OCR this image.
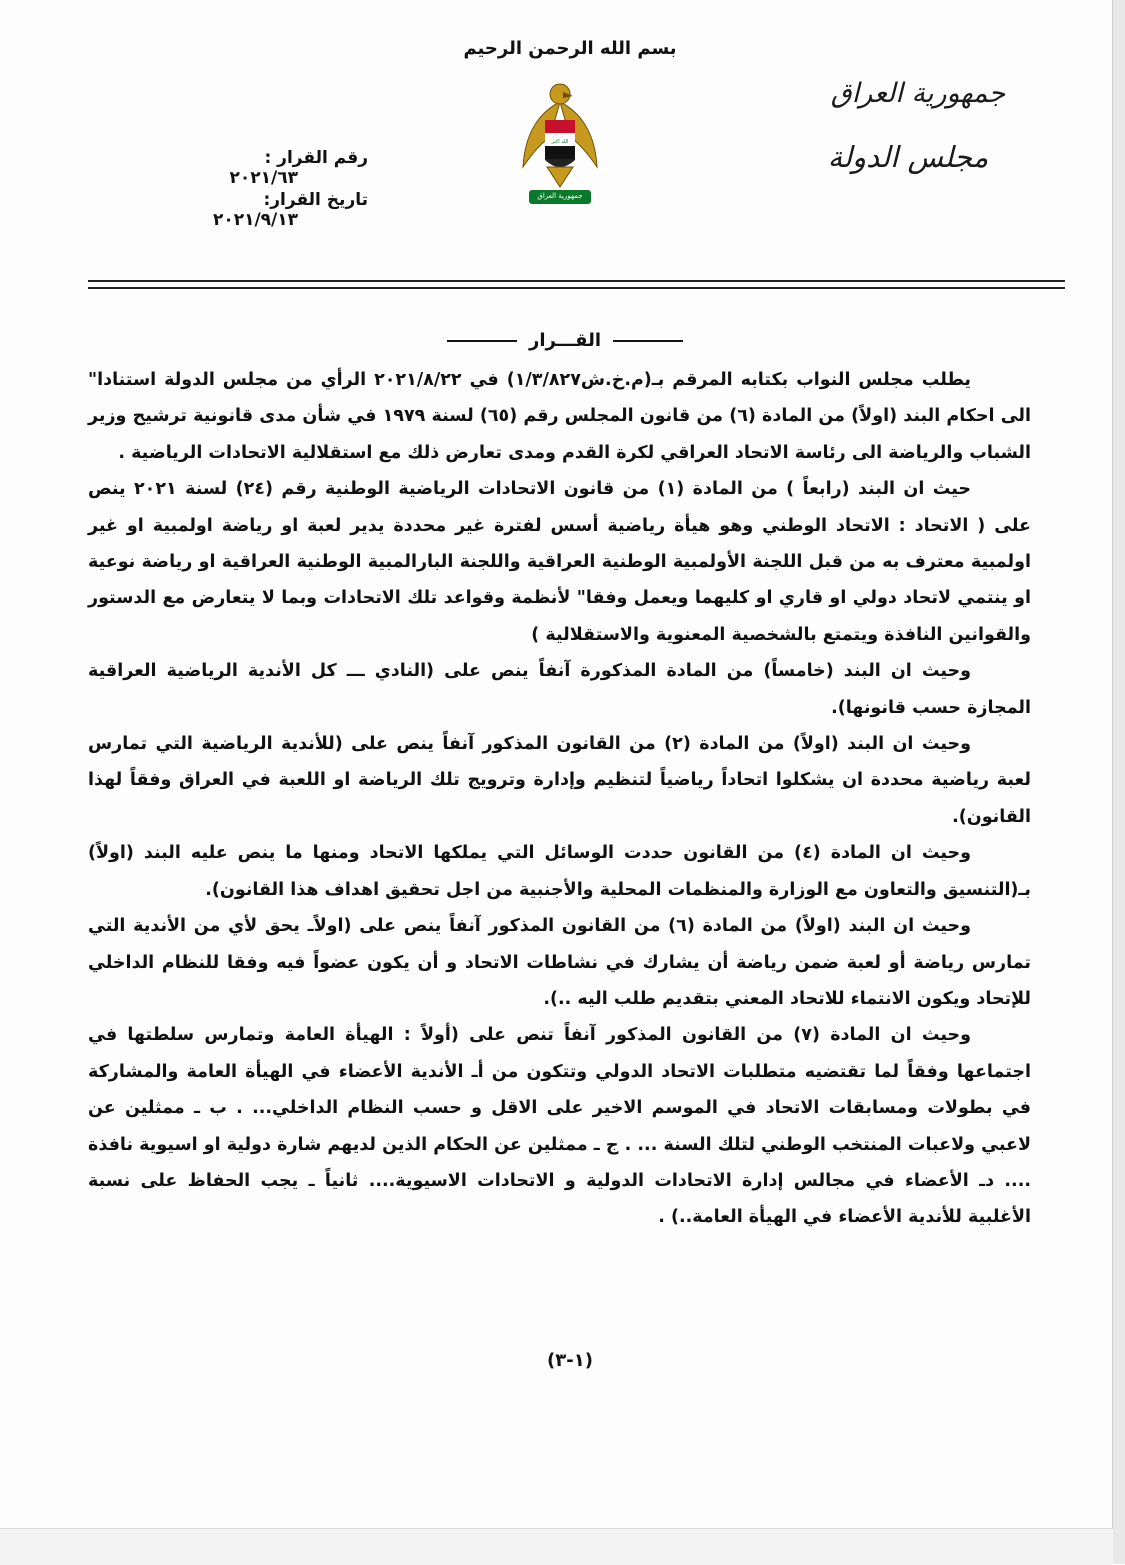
بسم الله الرحمن الرحيم
الله اكبر
جمهورية العراق
جمهورية العراق
مجلس الدولة
رقم القرار : ٢٠٢١/٦٣
تاريخ القرار: ٢٠٢١/٩/١٣
القـــرار

يطلب مجلس النواب بكتابه المرقم بـ(م.خ.ش١/٣/٨٢٧) في ٢٠٢١/٨/٢٢ الرأي من مجلس الدولة استنادا" الى احكام البند (اولاً) من المادة (٦) من قانون المجلس رقم (٦٥) لسنة ١٩٧٩ في شأن مدى قانونية ترشيح وزير الشباب والرياضة الى رئاسة الاتحاد العراقي لكرة القدم ومدى تعارض ذلك مع استقلالية الاتحادات الرياضية .

حيث ان البند (رابعاً ) من المادة (١) من قانون الاتحادات الرياضية الوطنية رقم (٢٤) لسنة ٢٠٢١ ينص على ( الاتحاد : الاتحاد الوطني وهو هيأة رياضية أسس لفترة غير محددة يدير لعبة او رياضة اولمبية او غير اولمبية معترف به من قبل اللجنة الأولمبية الوطنية العراقية واللجنة البارالمبية الوطنية العراقية او رياضة نوعية او ينتمي لاتحاد دولي او قاري او كليهما ويعمل وفقا" لأنظمة وقواعد تلك الاتحادات وبما لا يتعارض مع الدستور والقوانين النافذة ويتمتع بالشخصية المعنوية والاستقلالية )

وحيث ان البند (خامساً) من المادة المذكورة آنفاً ينص على (النادي ـــ كل الأندية الرياضية العراقية المجازة حسب قانونها).

وحيث ان البند (اولاً) من المادة (٢) من القانون المذكور آنفاً ينص على (للأندية الرياضية التي تمارس لعبة رياضية محددة ان يشكلوا اتحاداً رياضياً لتنظيم وإدارة وترويج تلك الرياضة او اللعبة في العراق وفقاً لهذا القانون).

وحيث ان المادة (٤) من القانون حددت الوسائل التي يملكها الاتحاد ومنها ما ينص عليه البند (اولاً) بـ(التنسيق والتعاون مع الوزارة والمنظمات المحلية والأجنبية من اجل تحقيق اهداف هذا القانون).

وحيث ان البند (اولاً) من المادة (٦) من القانون المذكور آنفاً ينص على (اولاًـ يحق لأي من الأندية التي تمارس رياضة أو لعبة ضمن رياضة أن يشارك في نشاطات الاتحاد و أن يكون عضواً فيه وفقا للنظام الداخلي للإتحاد ويكون الانتماء للاتحاد المعني بتقديم طلب اليه ..).

وحيث ان المادة (٧) من القانون المذكور آنفاً تنص على (أولاً : الهيأة العامة وتمارس سلطتها في اجتماعها وفقاً لما تقتضيه متطلبات الاتحاد الدولي وتتكون من أـ الأندية الأعضاء في الهيأة العامة والمشاركة في بطولات ومسابقات الاتحاد في الموسم الاخير على الاقل و حسب النظام الداخلي... . ب ـ ممثلين عن لاعبي ولاعبات المنتخب الوطني لتلك السنة ... . ج ـ ممثلين عن الحكام الذين لديهم شارة دولية او اسيوية نافذة .... دـ الأعضاء في مجالس إدارة الاتحادات الدولية و الاتحادات الاسيوية.... ثانياً ـ يجب الحفاظ على نسبة الأغلبية للأندية الأعضاء في الهيأة العامة..) .

(١-٣)
